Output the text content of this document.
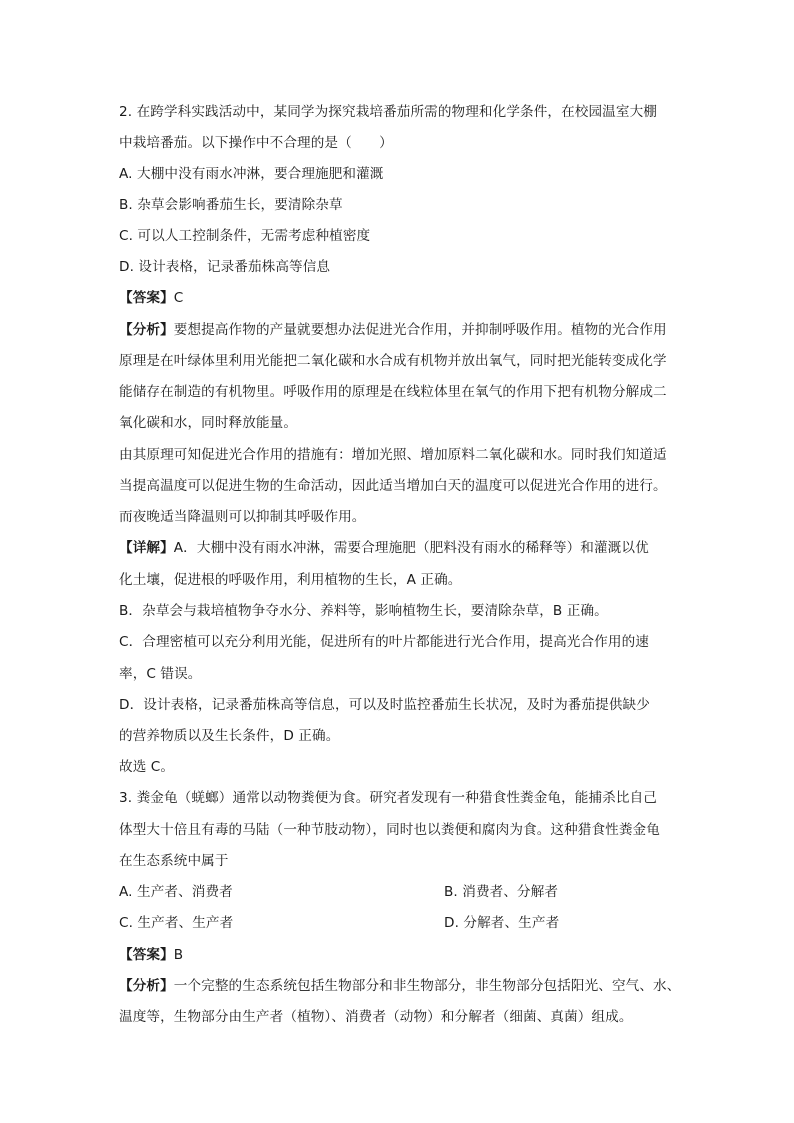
2. 在跨学科实践活动中，某同学为探究栽培番茄所需的物理和化学条件，在校园温室大棚
中栽培番茄。以下操作中不合理的是（　　）
A. 大棚中没有雨水冲淋，要合理施肥和灌溉
B. 杂草会影响番茄生长，要清除杂草
C. 可以人工控制条件，无需考虑种植密度
D. 设计表格，记录番茄株高等信息
【答案】C
【分析】要想提高作物的产量就要想办法促进光合作用，并抑制呼吸作用。植物的光合作用
原理是在叶绿体里利用光能把二氧化碳和水合成有机物并放出氧气，同时把光能转变成化学
能储存在制造的有机物里。呼吸作用的原理是在线粒体里在氧气的作用下把有机物分解成二
氧化碳和水，同时释放能量。
由其原理可知促进光合作用的措施有：增加光照、增加原料二氧化碳和水。同时我们知道适
当提高温度可以促进生物的生命活动，因此适当增加白天的温度可以促进光合作用的进行。
而夜晚适当降温则可以抑制其呼吸作用。
【详解】A．大棚中没有雨水冲淋，需要合理施肥（肥料没有雨水的稀释等）和灌溉以优
化土壤，促进根的呼吸作用，利用植物的生长，A 正确。
B．杂草会与栽培植物争夺水分、养料等，影响植物生长，要清除杂草，B 正确。
C．合理密植可以充分利用光能，促进所有的叶片都能进行光合作用，提高光合作用的速
率，C 错误。
D．设计表格，记录番茄株高等信息，可以及时监控番茄生长状况，及时为番茄提供缺少
的营养物质以及生长条件，D 正确。
故选 C。
3. 粪金龟（蜣螂）通常以动物粪便为食。研究者发现有一种猎食性粪金龟，能捕杀比自己
体型大十倍且有毒的马陆（一种节肢动物），同时也以粪便和腐肉为食。这种猎食性粪金龟
在生态系统中属于
A. 生产者、消费者	B. 消费者、分解者
C. 生产者、生产者	D. 分解者、生产者
【答案】B
【分析】一个完整的生态系统包括生物部分和非生物部分，非生物部分包括阳光、空气、水、
温度等，生物部分由生产者（植物）、消费者（动物）和分解者（细菌、真菌）组成。
